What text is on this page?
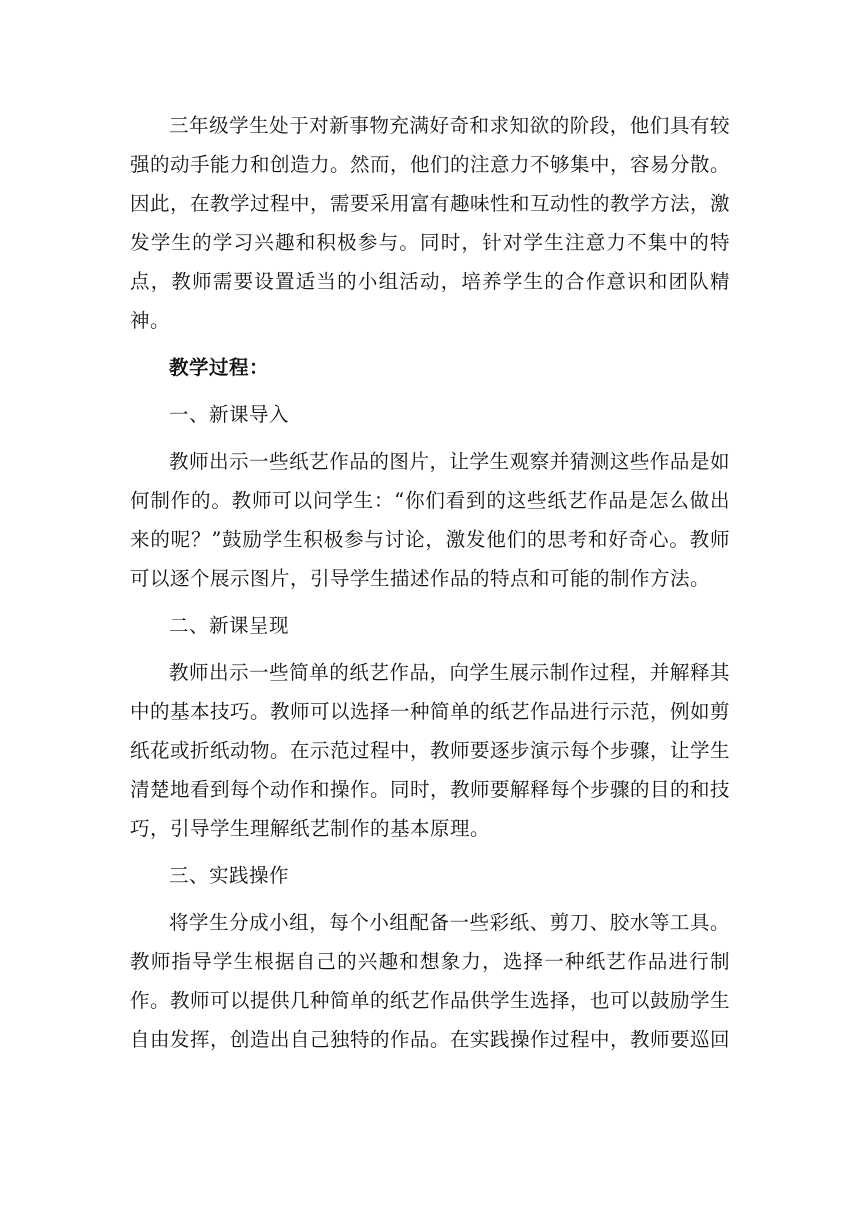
三年级学生处于对新事物充满好奇和求知欲的阶段，他们具有较强的动手能力和创造力。然而，他们的注意力不够集中，容易分散。因此，在教学过程中，需要采用富有趣味性和互动性的教学方法，激发学生的学习兴趣和积极参与。同时，针对学生注意力不集中的特点，教师需要设置适当的小组活动，培养学生的合作意识和团队精神。

教学过程：

一、新课导入

教师出示一些纸艺作品的图片，让学生观察并猜测这些作品是如何制作的。教师可以问学生：“你们看到的这些纸艺作品是怎么做出来的呢？”鼓励学生积极参与讨论，激发他们的思考和好奇心。教师可以逐个展示图片，引导学生描述作品的特点和可能的制作方法。

二、新课呈现

教师出示一些简单的纸艺作品，向学生展示制作过程，并解释其中的基本技巧。教师可以选择一种简单的纸艺作品进行示范，例如剪纸花或折纸动物。在示范过程中，教师要逐步演示每个步骤，让学生清楚地看到每个动作和操作。同时，教师要解释每个步骤的目的和技巧，引导学生理解纸艺制作的基本原理。

三、实践操作

将学生分成小组，每个小组配备一些彩纸、剪刀、胶水等工具。教师指导学生根据自己的兴趣和想象力，选择一种纸艺作品进行制作。教师可以提供几种简单的纸艺作品供学生选择，也可以鼓励学生自由发挥，创造出自己独特的作品。在实践操作过程中，教师要巡回
